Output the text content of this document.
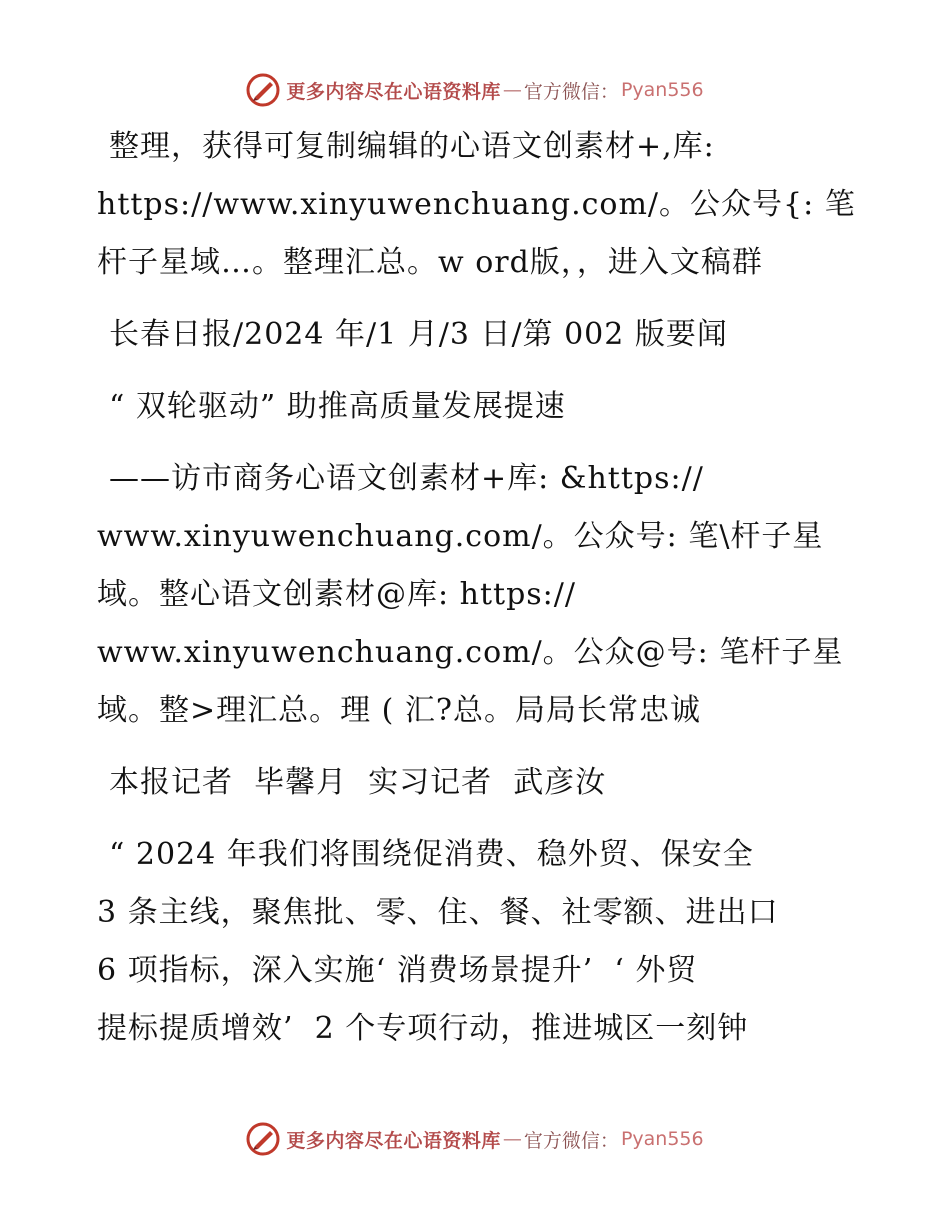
更多内容尽在心语资料库 — 官方微信： Pyan556

整理，获得可复制编辑的心语文创素材+,库:

https://www.xinyuwenchuang.com/。公众号{: 笔

杆子星域…。整理汇总。w ord版，，进入文稿群

长春日报/2024 年/1 月/3 日/第 002 版要闻

“ 双轮驱动” 助推高质量发展提速

——访市商务心语文创素材+库: &https://

www.xinyuwenchuang.com/。公众号: 笔\杆子星

域。整心语文创素材@库: https://

www.xinyuwenchuang.com/。公众@号: 笔杆子星

域。整>理汇总。理 ( 汇?总。局局长常忠诚

本报记者  毕馨月  实习记者  武彦汝

“ 2024 年我们将围绕促消费、稳外贸、保安全

3 条主线，聚焦批、零、住、餐、社零额、进出口

6 项指标，深入实施‘ 消费场景提升’  ‘ 外贸

提标提质增效’  2 个专项行动，推进城区一刻钟

更多内容尽在心语资料库 — 官方微信： Pyan556
